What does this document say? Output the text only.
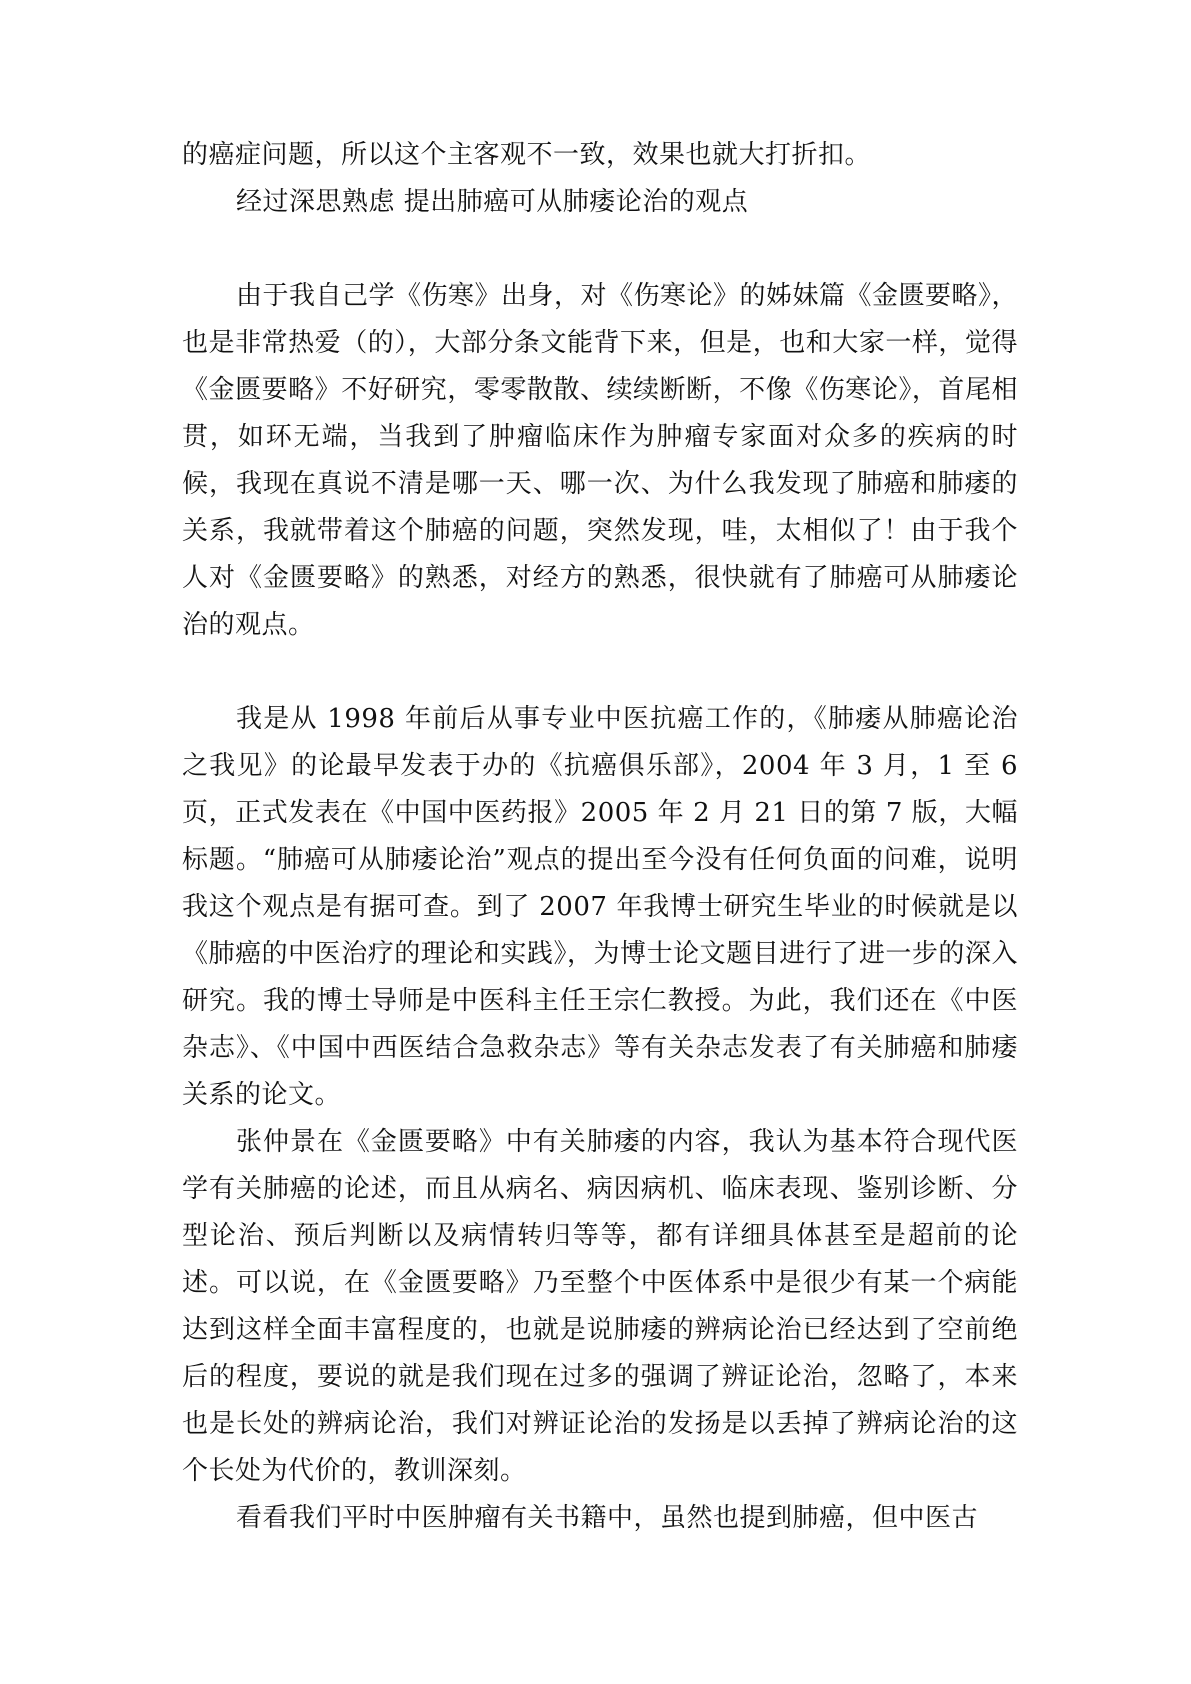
的癌症问题，所以这个主客观不一致，效果也就大打折扣。

经过深思熟虑 提出肺癌可从肺痿论治的观点

由于我自己学《伤寒》出身，对《伤寒论》的姊妹篇《金匮要略》，也是非常热爱（的），大部分条文能背下来，但是，也和大家一样，觉得《金匮要略》不好研究，零零散散、续续断断，不像《伤寒论》，首尾相贯，如环无端，当我到了肿瘤临床作为肿瘤专家面对众多的疾病的时候，我现在真说不清是哪一天、哪一次、为什么我发现了肺癌和肺痿的关系，我就带着这个肺癌的问题，突然发现，哇，太相似了！由于我个人对《金匮要略》的熟悉，对经方的熟悉，很快就有了肺癌可从肺痿论治的观点。

我是从 1998 年前后从事专业中医抗癌工作的，《肺痿从肺癌论治之我见》的论最早发表于办的《抗癌俱乐部》，2004 年 3 月，1 至 6 页，正式发表在《中国中医药报》2005 年 2 月 21 日的第 7 版，大幅标题。“肺癌可从肺痿论治”观点的提出至今没有任何负面的问难，说明我这个观点是有据可查。到了 2007 年我博士研究生毕业的时候就是以《肺癌的中医治疗的理论和实践》，为博士论文题目进行了进一步的深入研究。我的博士导师是中医科主任王宗仁教授。为此，我们还在《中医杂志》、《中国中西医结合急救杂志》等有关杂志发表了有关肺癌和肺痿关系的论文。

张仲景在《金匮要略》中有关肺痿的内容，我认为基本符合现代医学有关肺癌的论述，而且从病名、病因病机、临床表现、鉴别诊断、分型论治、预后判断以及病情转归等等，都有详细具体甚至是超前的论述。可以说，在《金匮要略》乃至整个中医体系中是很少有某一个病能达到这样全面丰富程度的，也就是说肺痿的辨病论治已经达到了空前绝后的程度，要说的就是我们现在过多的强调了辨证论治，忽略了，本来也是长处的辨病论治，我们对辨证论治的发扬是以丢掉了辨病论治的这个长处为代价的，教训深刻。

看看我们平时中医肿瘤有关书籍中，虽然也提到肺癌，但中医古
